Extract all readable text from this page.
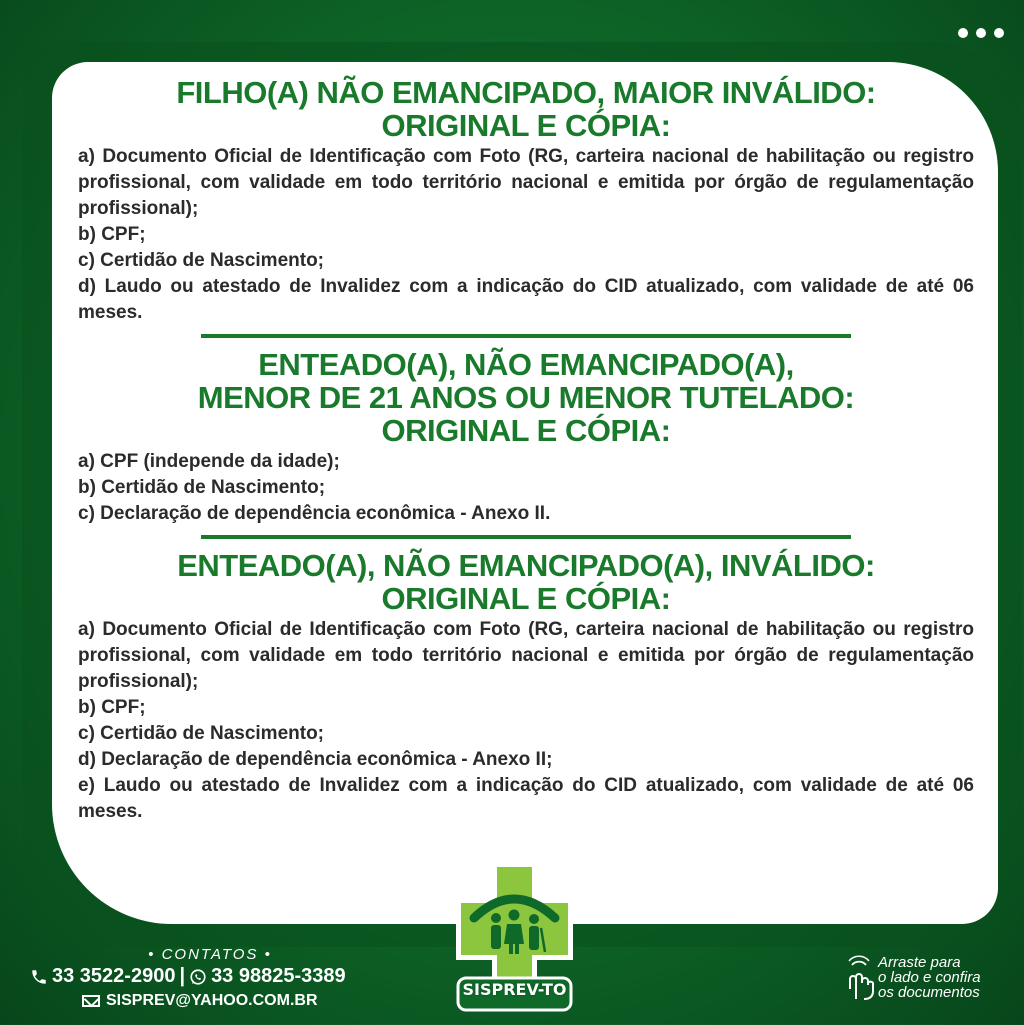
FILHO(A) NÃO EMANCIPADO, MAIOR INVÁLIDO:

ORIGINAL E CÓPIA:

a) Documento Oficial de Identificação com Foto (RG, carteira nacional de habilitação ou registro profissional, com validade em todo território nacional e emitida por órgão de regulamentação profissional);
b) CPF;
c) Certidão de Nascimento;
d) Laudo ou atestado de Invalidez com a indicação do CID atualizado, com validade de até 06 meses.

ENTEADO(A), NÃO EMANCIPADO(A),

MENOR DE 21 ANOS OU MENOR TUTELADO:

ORIGINAL E CÓPIA:

a) CPF (independe da idade);
b) Certidão de Nascimento;
c) Declaração de dependência econômica - Anexo II.

ENTEADO(A), NÃO EMANCIPADO(A), INVÁLIDO:

ORIGINAL E CÓPIA:

a) Documento Oficial de Identificação com Foto (RG, carteira nacional de habilitação ou registro profissional, com validade em todo território nacional e emitida por órgão de regulamentação profissional);
b) CPF;
c) Certidão de Nascimento;
d) Declaração de dependência econômica - Anexo II;
e) Laudo ou atestado de Invalidez com a indicação do CID atualizado, com validade de até 06 meses.
• CONTATOS •
33 3522-2900 | 33 98825-3389
SISPREV@YAHOO.COM.BR
SISPREV-TO
Arraste para
o lado e confira
os documentos
